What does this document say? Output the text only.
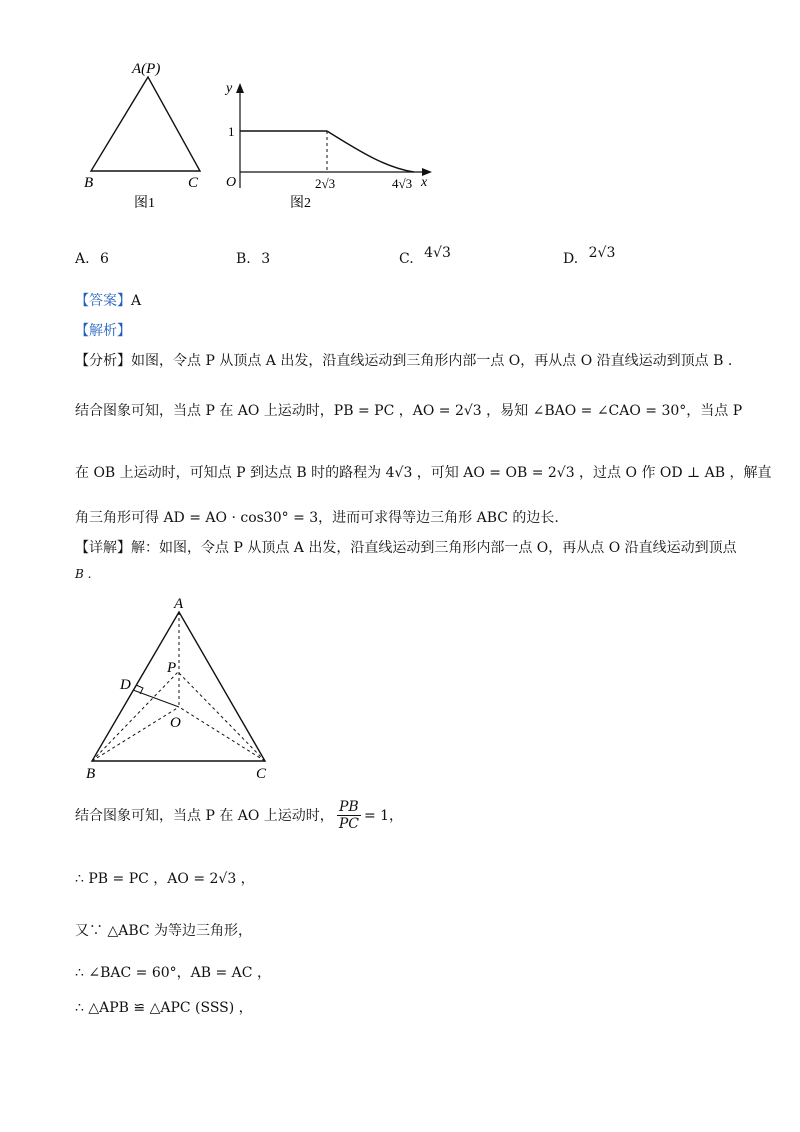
A(P)
B	C
图1
y
1
O	2√3	4√3 x
图2
A. 6	B. 3	C. 4√3	D. 2√3
【答案】A
【解析】
【分析】如图，令点 P 从顶点 A 出发，沿直线运动到三角形内部一点 O，再从点 O 沿直线运动到顶点 B .
结合图象可知，当点 P 在 AO 上运动时，PB = PC ，AO = 2√3 ，易知 ∠BAO = ∠CAO = 30°，当点 P
在 OB 上运动时，可知点 P 到达点 B 时的路程为 4√3 ，可知 AO = OB = 2√3 ，过点 O 作 OD ⊥ AB ，解直
角三角形可得 AD = AO · cos30° = 3，进而可求得等边三角形 ABC 的边长.
【详解】解：如图，令点 P 从顶点 A 出发，沿直线运动到三角形内部一点 O，再从点 O 沿直线运动到顶点
B .
A
P
D
O
B	C
结合图象可知，当点 P 在 AO 上运动时， $\frac{PB}{PC} = 1$，
∴ PB = PC ，AO = 2√3 ，
又∵ △ABC 为等边三角形，
∴ ∠BAC = 60°，AB = AC ，
∴ △APB ≌ △APC (SSS) ，
